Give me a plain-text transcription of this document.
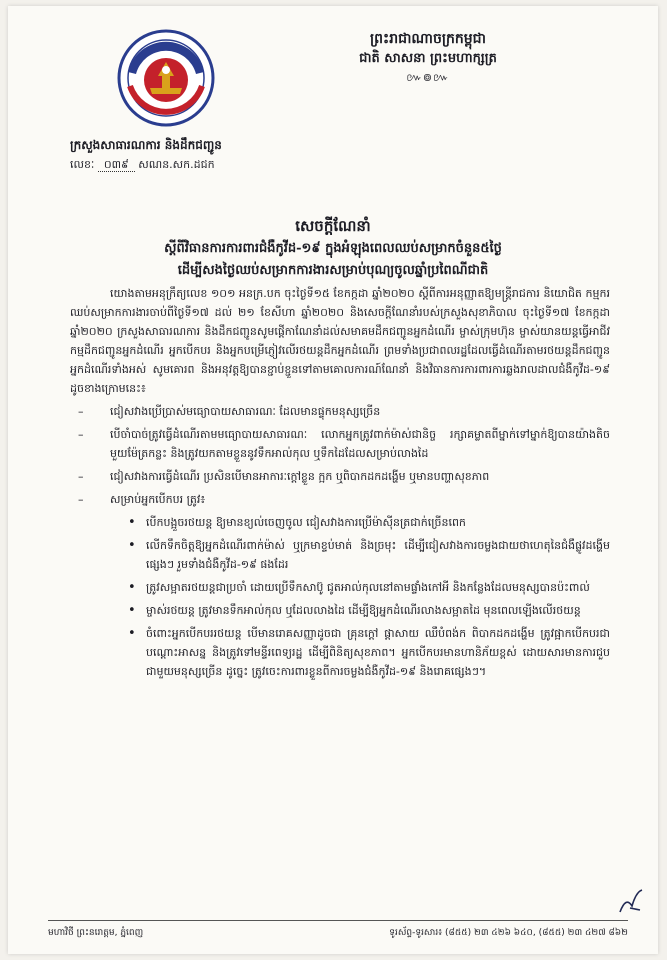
ព្រះរាជាណាចក្រកម្ពុជា
ជាតិ សាសនា ព្រះមហាក្សត្រ
៚៙៚
ក្រសួងសាធារណការ និងដឹកជញ្ជូន
លេខៈ ០៣៩ សណន.សក.ដជក
សេចក្តីណែនាំ
ស្តីពីវិធានការការពារជំងឺកូវីដ-១៩ ក្នុងអំឡុងពេលឈប់សម្រាកចំនួន៥ថ្ងៃ
ដើម្បីសងថ្ងៃឈប់សម្រាកការងារសម្រាប់បុណ្យចូលឆ្នាំប្រពៃណីជាតិ

យោងតាមអនុក្រឹត្យលេខ ១០១ អនក្រ.បក ចុះថ្ងៃទី១៥ ខែកក្កដា ឆ្នាំ២០២០ ស្តីពីការអនុញ្ញាតឱ្យមន្ត្រីរាជការ និយោជិត កម្មករ ឈប់សម្រាកការងារចាប់ពីថ្ងៃទី១៧ ដល់ ២១ ខែសីហា ឆ្នាំ២០២០ និងសេចក្តីណែនាំរបស់ក្រសួងសុខាភិបាល ចុះថ្ងៃទី១៧ ខែកក្កដា ឆ្នាំ២០២០ ក្រសួងសាធារណការ និងដឹកជញ្ជូនសូមផ្តើកាណែនាំដល់សមាគមដឹកជញ្ជូនអ្នកដំណើរ ម្ចាស់ក្រុមហ៊ុន ម្ចាស់យានយន្តធ្វើអាជីវកម្មដឹកជញ្ជូនអ្នកដំណើរ អ្នកបើកបរ និងអ្នកបម្រើភ្ញៀវលើរថយន្តដឹកអ្នកដំណើរ ព្រមទាំងប្រជាពលរដ្ឋដែលធ្វើដំណើរតាមរថយន្តដឹកជញ្ជូនអ្នកដំណើរទាំងអស់ សូមគោរព និងអនុវត្តឱ្យបានខ្ជាប់ខ្ជួនទៅតាមគោលការណ៍ណែនាំ និងវិធានការការពារការឆ្លងរាលដាលជំងឺកូវីដ-១៩ ដូចខាងក្រោមនេះ៖

– ជៀសវាងប្រើប្រាស់មធ្យោបាយសាធារណៈ ដែលមានផ្ទុកមនុស្សច្រើន
– បើចាំបាច់ត្រូវធ្វើដំណើរតាមមធ្យោបាយសាធារណៈ លោកអ្នកត្រូវពាក់ម៉ាស់ជានិច្ច រក្សាគម្លាតពីម្នាក់ទៅម្នាក់ឱ្យបានយ៉ាងតិចមួយម៉ែត្រកន្លះ និងត្រូវយកតាមខ្លួននូវទឹកអាល់កុល ឬទឹកដៃដែលសម្រាប់លាងដៃ
– ជៀសវាងការធ្វើដំណើរ ប្រសិនបើមានអាការៈក្តៅខ្លួន ក្អក ឬពិបាកដកដង្ហើម ឬមានបញ្ហាសុខភាព
– សម្រាប់អ្នកបើកបរ ត្រូវ៖
• បើកបង្អួចរថយន្ត ឱ្យមានខ្យល់ចេញចូល ជៀសវាងការប្រើម៉ាស៊ីនត្រជាក់ច្រើនពេក
• លើកទឹកចិត្តឱ្យអ្នកដំណើរពាក់ម៉ាស់ ឬក្រមាខ្ទប់មាត់ និងច្រមុះ ដើម្បីជៀសវាងការចម្លងជាយថាហេតុនៃជំងឺផ្លូវដង្ហើមផ្សេងៗ រួមទាំងជំងឺកូវីដ-១៩ ផងដែរ
• ត្រូវសម្អាតរថយន្តជាប្រចាំ ដោយប្រើទឹកសាប៊ូ ជូតអាល់កុលនៅតាមផ្ទាំងកៅអី និងកន្លែងដែលមនុស្សបានប៉ះពាល់
• ម្ចាស់រថយន្ត ត្រូវមានទឹកអាល់កុល ឬដែលលាងដៃ ដើម្បីឱ្យអ្នកដំណើរលាងសម្អាតដៃ មុនពេលឡើងលើរថយន្ត
• ចំពោះអ្នកបើកបររថយន្ត បើមានរោគសញ្ញាដូចជា គ្រុនក្តៅ ផ្តាសាយ ឈឺបំពង់ក ពិបាកដកដង្ហើម ត្រូវផ្អាកបើកបរជាបណ្តោះអាសន្ន និងត្រូវទៅមន្ទីរពេទ្យរដ្ឋ ដើម្បីពិនិត្យសុខភាព។ អ្នកបើកបរមានហានិភ័យខ្ពស់ ដោយសារមានការជួបជាមួយមនុស្សច្រើន ដូច្នេះ ត្រូវចេះការពារខ្លួនពីការចម្លងជំងឺកូវីដ-១៩ និងរោគផ្សេងៗ។
មហាវិថី ព្រះនរោត្តម, ភ្នំពេញ	ទូរស័ព្ទ-ទូរសារ៖ (៨៥៥) ២៣ ៤២៦ ៦៤០, (៨៥៥) ២៣ ៤២៧ ៨៦២
